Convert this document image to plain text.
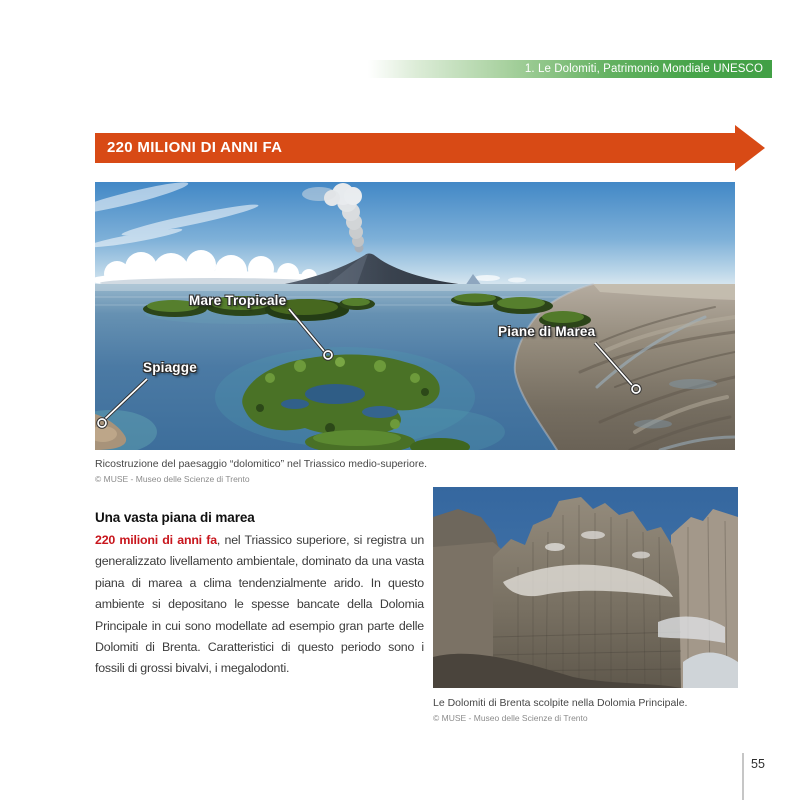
1. Le Dolomiti, Patrimonio Mondiale UNESCO
220 MILIONI DI ANNI FA
Mare Tropicale
Spiagge
Piane di Marea
Ricostruzione del paesaggio “dolomitico” nel Triassico medio-superiore.
© MUSE - Museo delle Scienze di Trento
Una vasta piana di marea

220 milioni di anni fa, nel Triassico superiore, si registra un generalizzato livellamento ambientale, dominato da una vasta piana di marea a clima tendenzialmente arido. In questo ambiente si depositano le spesse bancate della Dolomia Principale in cui sono modellate ad esempio gran parte delle Dolomiti di Brenta. Caratteristici di questo periodo sono i fossili di grossi bivalvi, i megalodonti.

Le Dolomiti di Brenta scolpite nella Dolomia Principale.
© MUSE - Museo delle Scienze di Trento
55
